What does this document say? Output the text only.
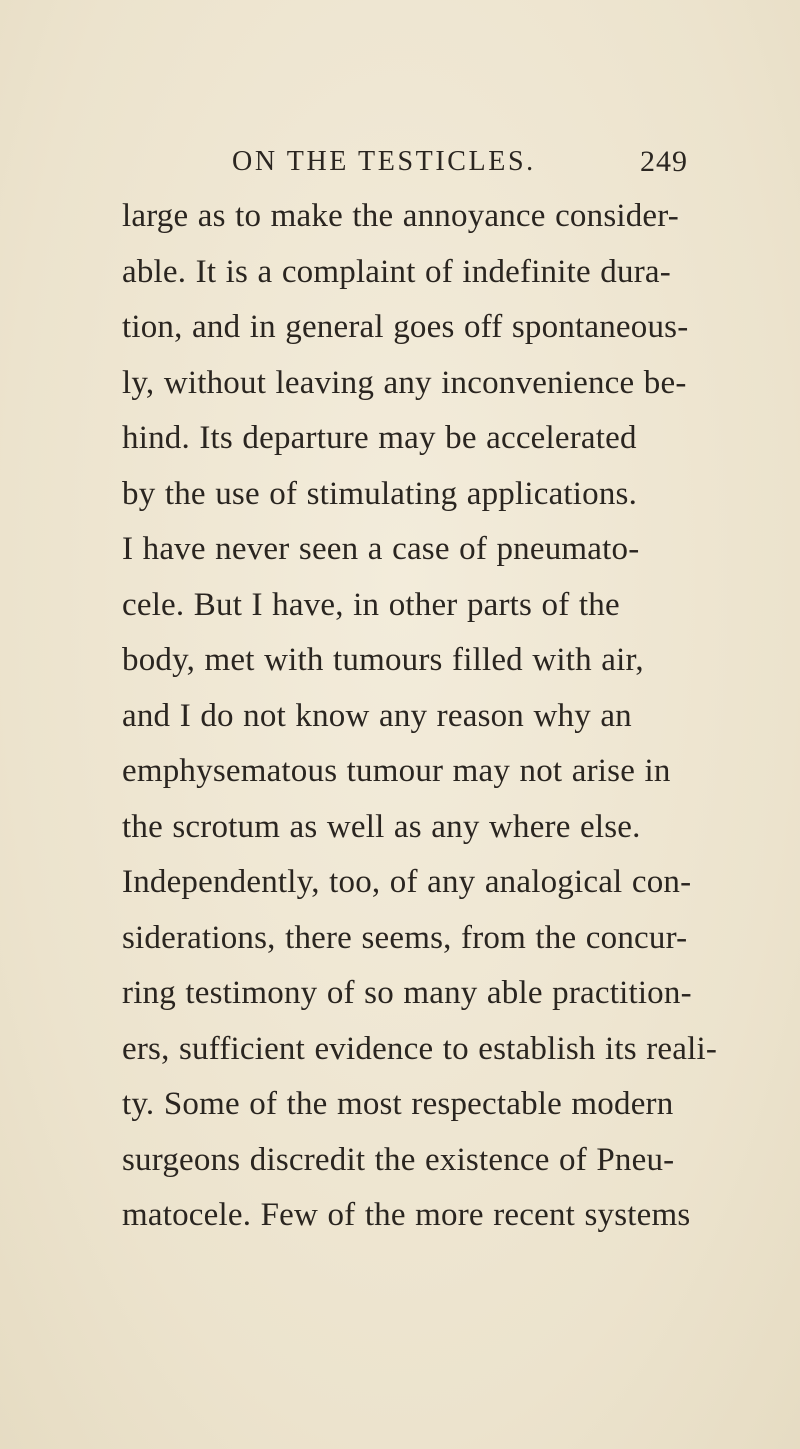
ON THE TESTICLES.	249
large as to make the annoyance consider-
able. It is a complaint of indefinite dura-
tion, and in general goes off spontaneous-
ly, without leaving any inconvenience be-
hind. Its departure may be accelerated
by the use of stimulating applications.
I have never seen a case of pneumato-
cele. But I have, in other parts of the
body, met with tumours filled with air,
and I do not know any reason why an
emphysematous tumour may not arise in
the scrotum as well as any where else.
Independently, too, of any analogical con-
siderations, there seems, from the concur-
ring testimony of so many able practition-
ers, sufficient evidence to establish its reali-
ty. Some of the most respectable modern
surgeons discredit the existence of Pneu-
matocele. Few of the more recent systems
